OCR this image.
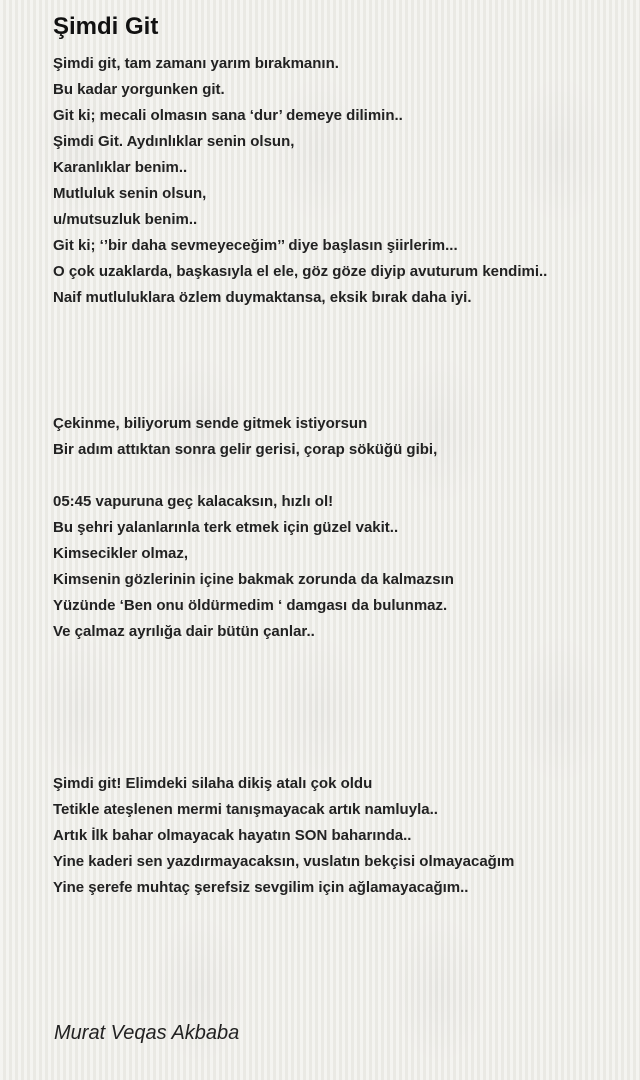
Şimdi Git
Şimdi git, tam zamanı yarım bırakmanın.
Bu kadar yorgunken git.
Git ki; mecali olmasın sana ‘dur’ demeye dilimin..
Şimdi Git. Aydınlıklar senin olsun,
Karanlıklar benim..
Mutluluk senin olsun,
u/mutsuzluk benim..
Git ki; ‘’bir daha sevmeyeceğim’’ diye başlasın şiirlerim...
O çok uzaklarda, başkasıyla el ele, göz göze diyip avuturum kendimi..
Naif mutluluklara özlem duymaktansa, eksik bırak daha iyi.
Çekinme, biliyorum sende gitmek istiyorsun
Bir adım attıktan sonra gelir gerisi, çorap söküğü gibi,
05:45 vapuruna geç kalacaksın, hızlı ol!
Bu şehri yalanlarınla terk etmek için güzel vakit..
Kimsecikler olmaz,
Kimsenin gözlerinin içine bakmak zorunda da kalmazsın
Yüzünde ‘Ben onu öldürmedim ‘ damgası da bulunmaz.
Ve çalmaz ayrılığa dair bütün çanlar..
Şimdi git! Elimdeki silaha dikiş atalı çok oldu
Tetikle ateşlenen mermi tanışmayacak artık namluyla..
Artık İlk bahar olmayacak hayatın SON baharında..
Yine kaderi sen yazdırmayacaksın, vuslatın bekçisi olmayacağım
Yine şerefe muhtaç şerefsiz sevgilim için ağlamayacağım..
Murat Veqas Akbaba
